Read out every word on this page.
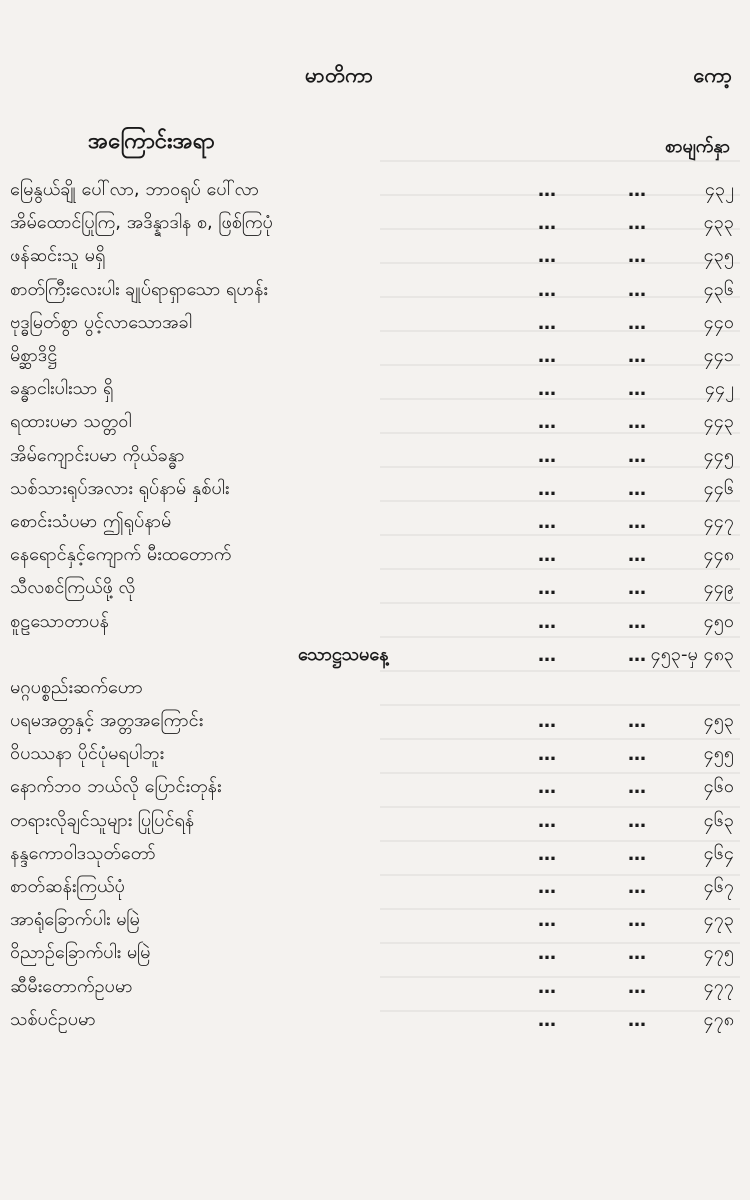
မာတိကာ	ကော့
အကြောင်းအရာ	စာမျက်နှာ
မြေနွယ်ချို ပေါ်လာ, ဘာဝရုပ် ပေါ်လာ	…	…	၄၃၂
အိမ်ထောင်ပြုကြ, အဒိန္နာဒါန စ, ဖြစ်ကြပုံ	…	…	၄၃၃
ဖန်ဆင်းသူ မရှိ	…	…	၄၃၅
စာတ်ကြီးလေးပါး ချုပ်ရာရှာသော ရဟန်း	…	…	၄၃၆
ဗုဒ္ဓမြတ်စွာ ပွင့်လာသောအခါ	…	…	၄၄၀
မိစ္ဆာဒိဋ္ဌိ	…	…	၄၄၁
ခန္ဓာငါးပါးသာ ရှိ	…	…	၄၄၂
ရထားပမာ သတ္တဝါ	…	…	၄၄၃
အိမ်ကျောင်းပမာ ကိုယ်ခန္ဓာ	…	…	၄၄၅
သစ်သားရုပ်အလား ရုပ်နာမ် နှစ်ပါး	…	…	၄၄၆
စောင်းသံပမာ ဤရုပ်နာမ်	…	…	၄၄၇
နေရောင်နှင့်ကျောက် မီးထတောက်	…	…	၄၄၈
သီလစင်ကြယ်ဖို့ လို	…	…	၄၄၉
စူဠသောတာပန်	…	…	၄၅၀
သောဋ္ဌသမနေ့	…	… ၄၅၃-မှ ၄၈၃
မဂ္ဂပစ္စည်းဆက်ဟော
ပရမအတ္တနှင့် အတ္တအကြောင်း	…	…	၄၅၃
ဝိပဿနာ ပိုင်ပုံမရပါဘူး	…	…	၄၅၅
နောက်ဘဝ ဘယ်လို ပြောင်းတုန်း	…	…	၄၆၀
တရားလိုချင်သူများ ပြုပြင်ရန်	…	…	၄၆၃
နန္ဒကောဝါဒသုတ်တော်	…	…	၄၆၄
စာတ်ဆန်းကြယ်ပုံ	…	…	၄၆၇
အာရုံခြောက်ပါး မမြဲ	…	…	၄၇၃
ဝိညာဉ်ခြောက်ပါး မမြဲ	…	…	၄၇၅
ဆီမီးတောက်ဥပမာ	…	…	၄၇၇
သစ်ပင်ဥပမာ	…	…	၄၇၈
